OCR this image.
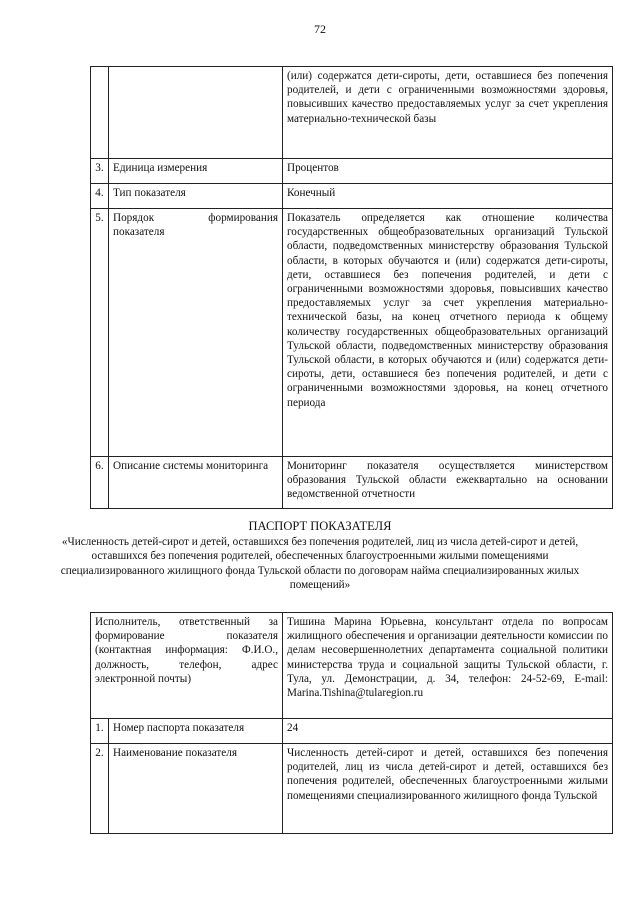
72
		(или) содержатся дети-сироты, дети, оставшиеся без попечения родителей, и дети с ограниченными возможностями здоровья, повысивших качество предоставляемых услуг за счет укрепления материально-технической базы
3.	Единица измерения	Процентов
4.	Тип показателя	Конечный
5.	Порядок формирования показателя	Показатель определяется как отношение количества государственных общеобразовательных организаций Тульской области, подведомственных министерству образования Тульской области, в которых обучаются и (или) содержатся дети-сироты, дети, оставшиеся без попечения родителей, и дети с ограниченными возможностями здоровья, повысивших качество предоставляемых услуг за счет укрепления материально-технической базы, на конец отчетного периода к общему количеству государственных общеобразовательных организаций Тульской области, подведомственных министерству образования Тульской области, в которых обучаются и (или) содержатся дети-сироты, дети, оставшиеся без попечения родителей, и дети с ограниченными возможностями здоровья, на конец отчетного периода
6.	Описание системы мониторинга	Мониторинг показателя осуществляется министерством образования Тульской области ежеквартально на основании ведомственной отчетности
ПАСПОРТ ПОКАЗАТЕЛЯ
«Численность детей-сирот и детей, оставшихся без попечения родителей, лиц из числа детей-сирот и детей, оставшихся без попечения родителей, обеспеченных благоустроенными жилыми помещениями специализированного жилищного фонда Тульской области по договорам найма специализированных жилых помещений»
Исполнитель, ответственный за формирование показателя (контактная информация: Ф.И.О., должность, телефон, адрес электронной почты)		Тишина Марина Юрьевна, консультант отдела по вопросам жилищного обеспечения и организации деятельности комиссии по делам несовершеннолетних департамента социальной политики министерства труда и социальной защиты Тульской области, г. Тула, ул. Демонстрации, д. 34, телефон: 24-52-69, E-mail: Marina.Tishina@tularegion.ru
1.	Номер паспорта показателя	24
2.	Наименование показателя	Численность детей-сирот и детей, оставшихся без попечения родителей, лиц из числа детей-сирот и детей, оставшихся без попечения родителей, обеспеченных благоустроенными жилыми помещениями специализированного жилищного фонда Тульской
